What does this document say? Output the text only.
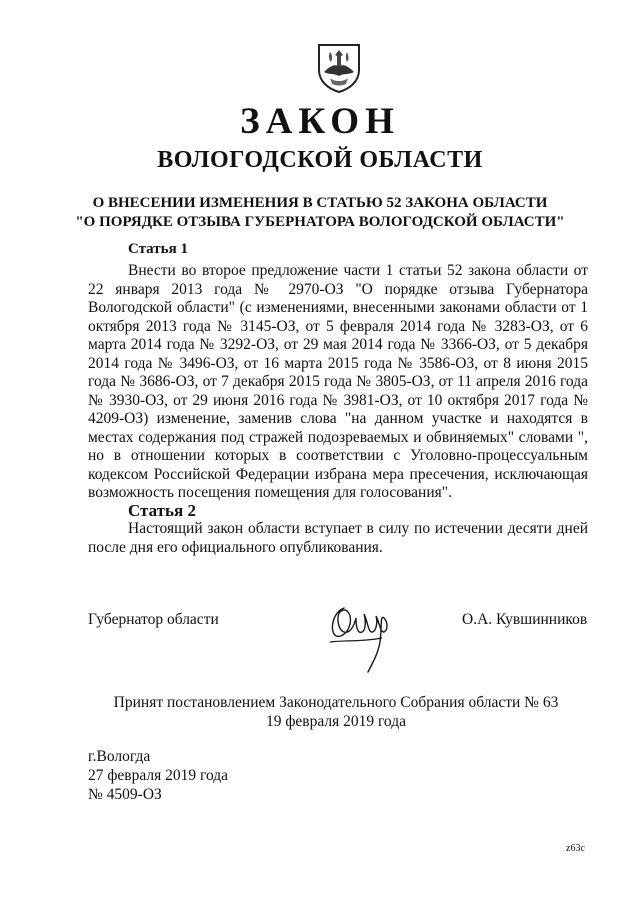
ЗАКОН
ВОЛОГОДСКОЙ ОБЛАСТИ
О ВНЕСЕНИИ ИЗМЕНЕНИЯ В СТАТЬЮ 52 ЗАКОНА ОБЛАСТИ
"О ПОРЯДКЕ ОТЗЫВА ГУБЕРНАТОРА ВОЛОГОДСКОЙ ОБЛАСТИ"
Статья 1

Внести во второе предложение части 1 статьи 52 закона области от 22 января 2013 года № 2970-ОЗ "О порядке отзыва Губернатора Вологодской области" (с изменениями, внесенными законами области от 1 октября 2013 года № 3145-ОЗ, от 5 февраля 2014 года № 3283-ОЗ, от 6 марта 2014 года № 3292-ОЗ, от 29 мая 2014 года № 3366-ОЗ, от 5 декабря 2014 года № 3496-ОЗ, от 16 марта 2015 года № 3586-ОЗ, от 8 июня 2015 года № 3686-ОЗ, от 7 декабря 2015 года № 3805-ОЗ, от 11 апреля 2016 года № 3930-ОЗ, от 29 июня 2016 года № 3981-ОЗ, от 10 октября 2017 года № 4209-ОЗ) изменение, заменив слова "на данном участке и находятся в местах содержания под стражей подозреваемых и обвиняемых" словами ", но в отношении которых в соответствии с Уголовно-процессуальным кодексом Российской Федерации избрана мера пресечения, исключающая возможность посещения помещения для голосования".

Статья 2

Настоящий закон области вступает в силу по истечении десяти дней после дня его официального опубликования.

Губернатор области	О.А. Кувшинников
Принят постановлением Законодательного Собрания области № 63
19 февраля 2019 года
г.Вологда
27 февраля 2019 года
№ 4509-ОЗ
z63c
